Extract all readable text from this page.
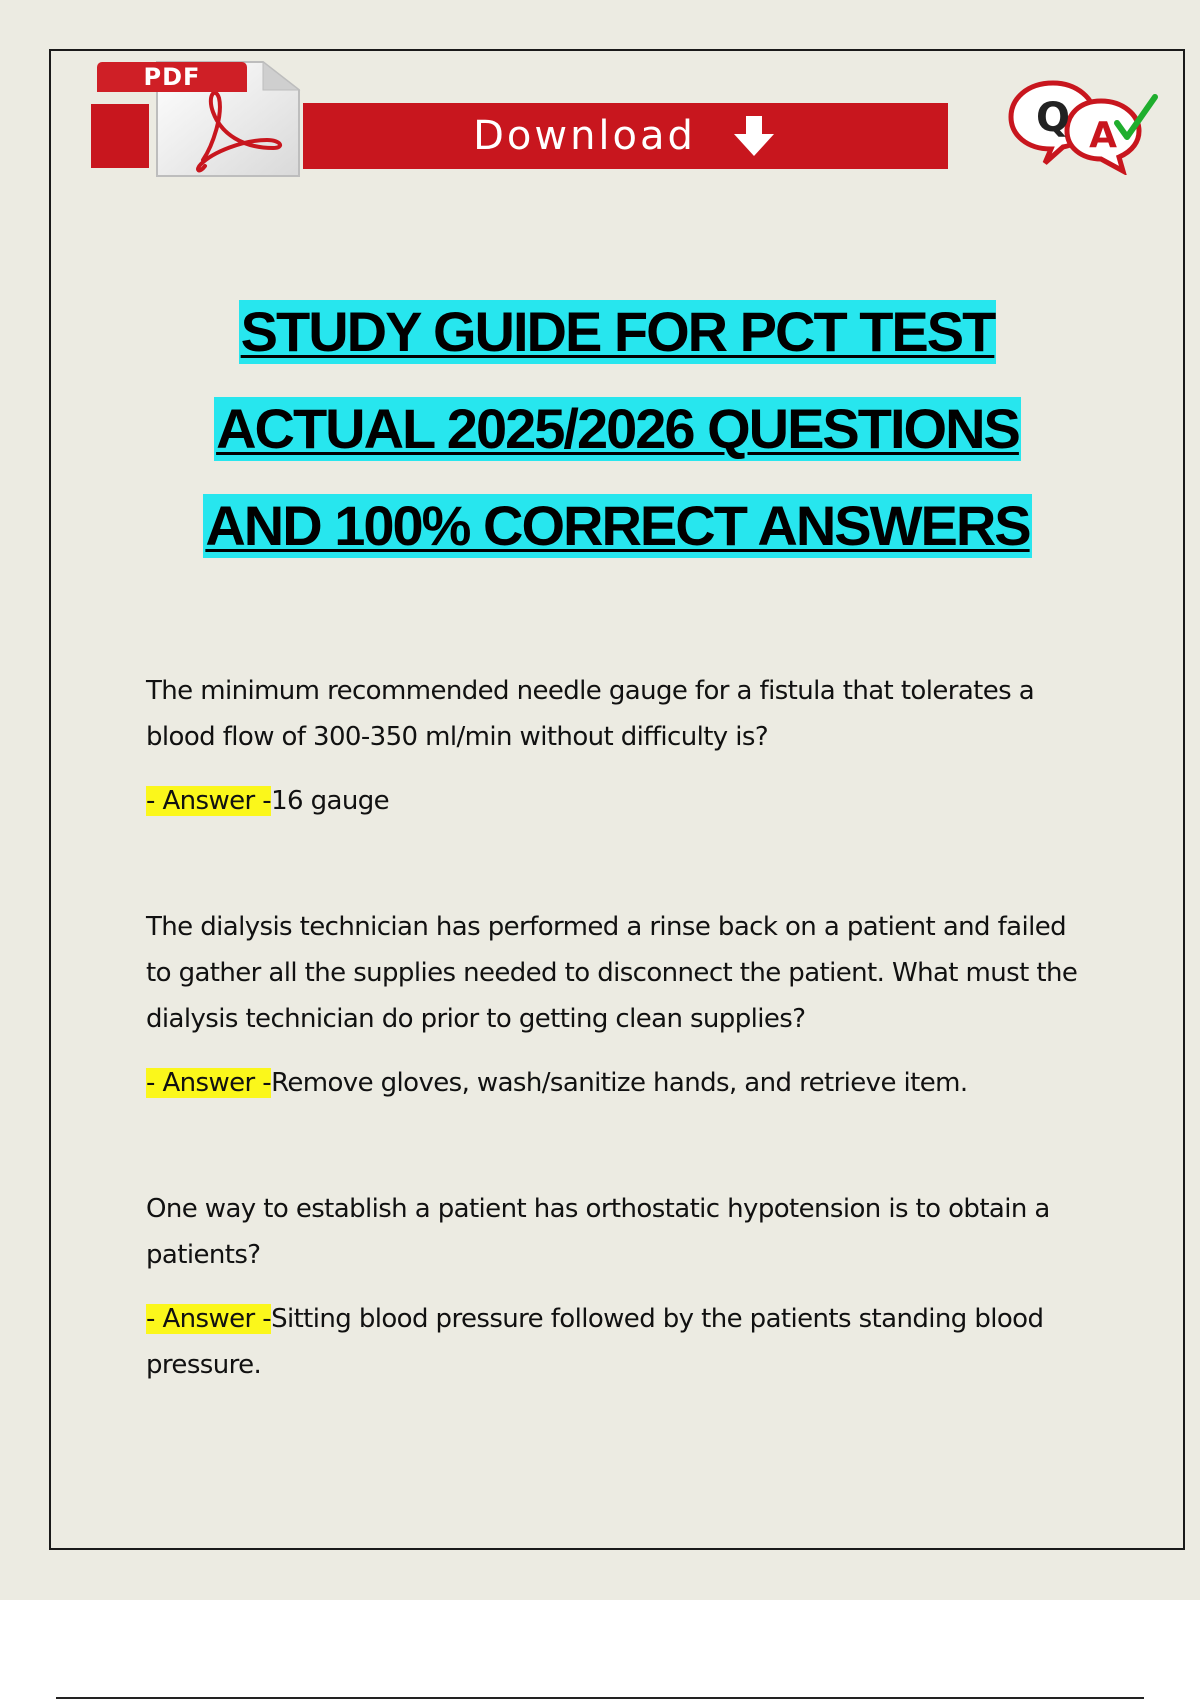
PDF
Download	Q A
STUDY GUIDE FOR PCT TEST
ACTUAL 2025/2026 QUESTIONS
AND 100% CORRECT ANSWERS

The minimum recommended needle gauge for a fistula that tolerates a blood flow of 300-350 ml/min without difficulty is?

- Answer -16 gauge

The dialysis technician has performed a rinse back on a patient and failed to gather all the supplies needed to disconnect the patient. What must the dialysis technician do prior to getting clean supplies?

- Answer -Remove gloves, wash/sanitize hands, and retrieve item.

One way to establish a patient has orthostatic hypotension is to obtain a patients?

- Answer -Sitting blood pressure followed by the patients standing blood pressure.
